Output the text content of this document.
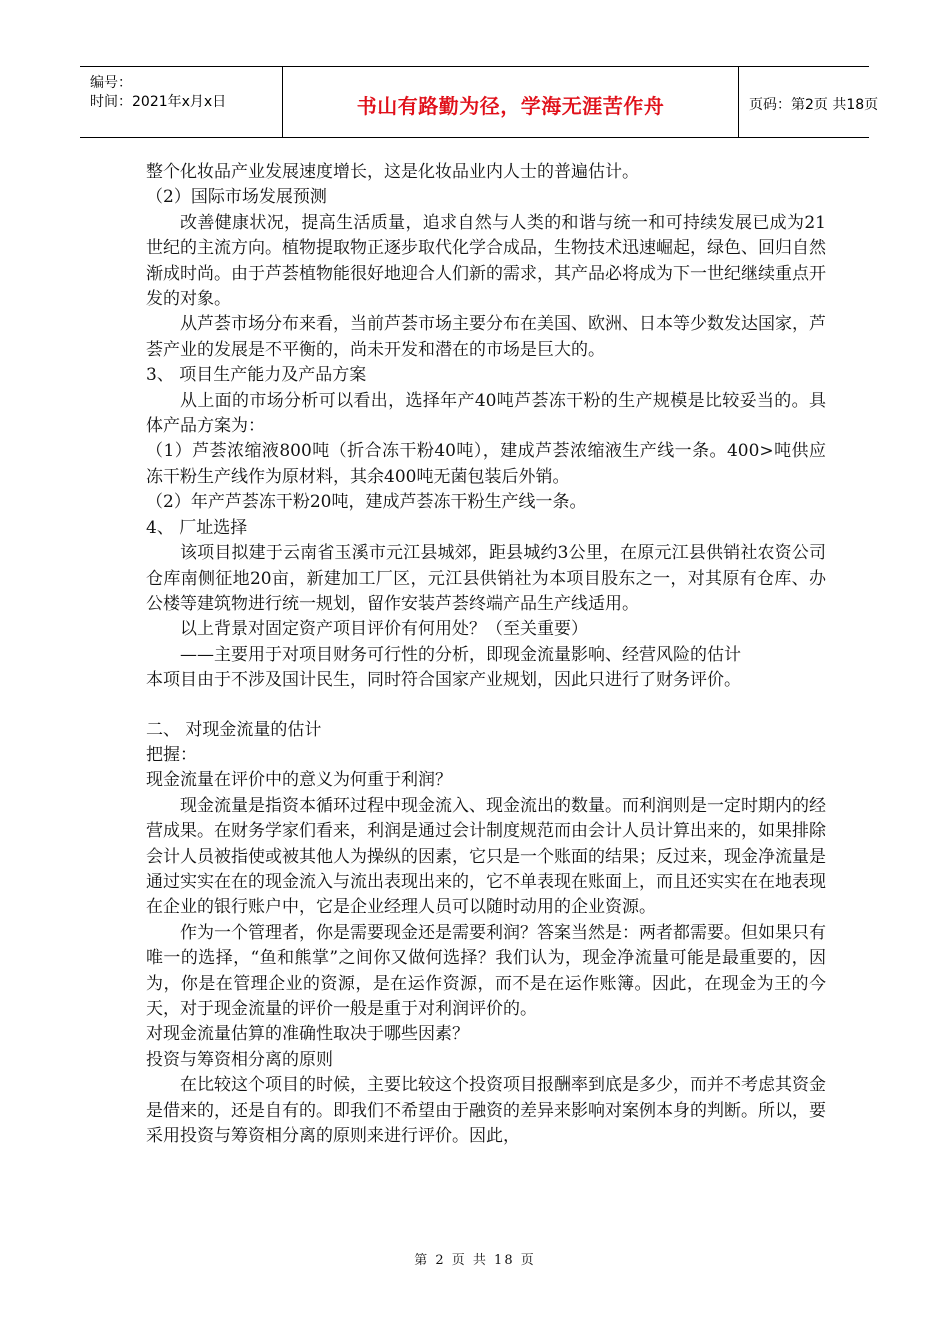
编号：
时间：2021年x月x日	书山有路勤为径，学海无涯苦作舟	页码：第2页 共18页

整个化妆品产业发展速度增长，这是化妆品业内人士的普遍估计。

（2）国际市场发展预测

改善健康状况，提高生活质量，追求自然与人类的和谐与统一和可持续发展已成为21世纪的主流方向。植物提取物正逐步取代化学合成品，生物技术迅速崛起，绿色、回归自然渐成时尚。由于芦荟植物能很好地迎合人们新的需求，其产品必将成为下一世纪继续重点开发的对象。

从芦荟市场分布来看，当前芦荟市场主要分布在美国、欧洲、日本等少数发达国家，芦荟产业的发展是不平衡的，尚未开发和潜在的市场是巨大的。

3、 项目生产能力及产品方案

从上面的市场分析可以看出，选择年产40吨芦荟冻干粉的生产规模是比较妥当的。具体产品方案为：

（1）芦荟浓缩液800吨（折合冻干粉40吨），建成芦荟浓缩液生产线一条。400>吨供应冻干粉生产线作为原材料，其余400吨无菌包装后外销。

（2）年产芦荟冻干粉20吨，建成芦荟冻干粉生产线一条。

4、 厂址选择

该项目拟建于云南省玉溪市元江县城郊，距县城约3公里，在原元江县供销社农资公司仓库南侧征地20亩，新建加工厂区，元江县供销社为本项目股东之一，对其原有仓库、办公楼等建筑物进行统一规划，留作安装芦荟终端产品生产线适用。

以上背景对固定资产项目评价有何用处？（至关重要）

——主要用于对项目财务可行性的分析，即现金流量影响、经营风险的估计

本项目由于不涉及国计民生，同时符合国家产业规划，因此只进行了财务评价。

二、 对现金流量的估计

把握：

现金流量在评价中的意义为何重于利润？

现金流量是指资本循环过程中现金流入、现金流出的数量。而利润则是一定时期内的经营成果。在财务学家们看来，利润是通过会计制度规范而由会计人员计算出来的，如果排除会计人员被指使或被其他人为操纵的因素，它只是一个账面的结果；反过来，现金净流量是通过实实在在的现金流入与流出表现出来的，它不单表现在账面上，而且还实实在在地表现在企业的银行账户中，它是企业经理人员可以随时动用的企业资源。

作为一个管理者，你是需要现金还是需要利润？答案当然是：两者都需要。但如果只有唯一的选择，“鱼和熊掌”之间你又做何选择？我们认为，现金净流量可能是最重要的，因为，你是在管理企业的资源，是在运作资源，而不是在运作账簿。因此，在现金为王的今天，对于现金流量的评价一般是重于对利润评价的。

对现金流量估算的准确性取决于哪些因素？

投资与筹资相分离的原则

在比较这个项目的时候，主要比较这个投资项目报酬率到底是多少，而并不考虑其资金是借来的，还是自有的。即我们不希望由于融资的差异来影响对案例本身的判断。所以，要采用投资与筹资相分离的原则来进行评价。因此，

第 2 页 共 18 页
